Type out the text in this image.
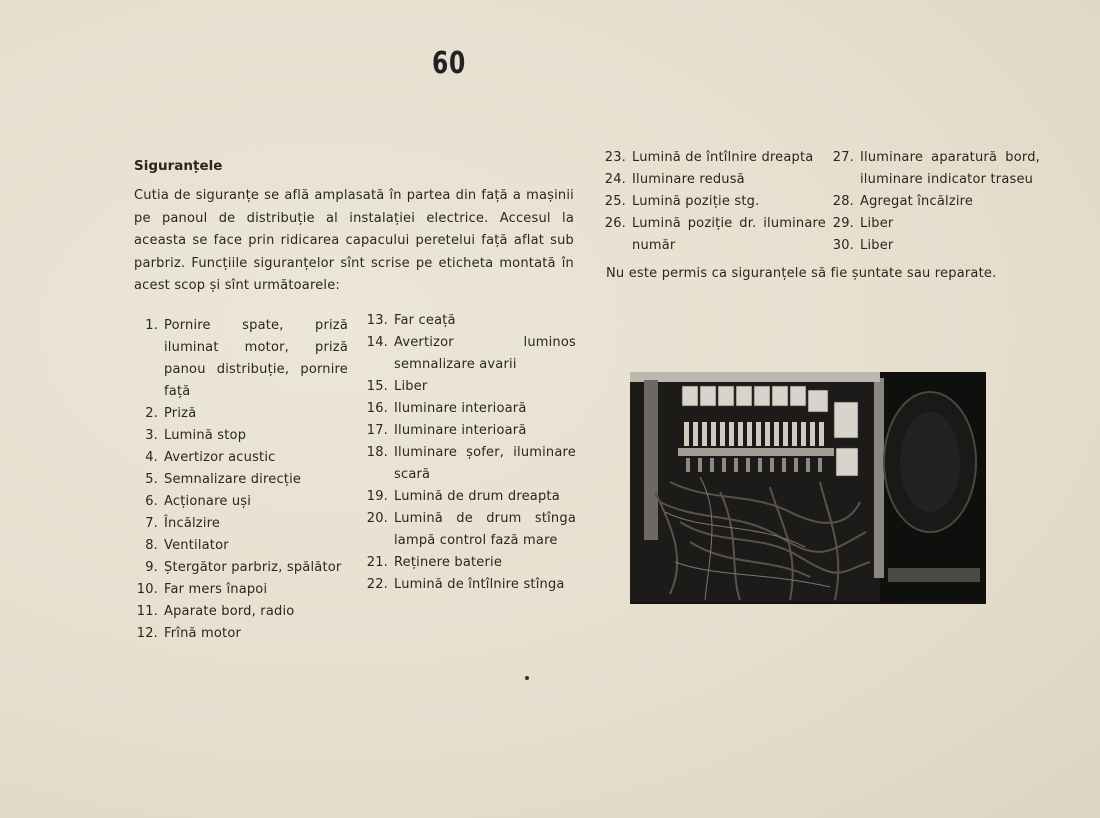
60
Siguranțele
Cutia de siguranțe se află amplasată în partea din față a mașinii pe panoul de distribuție al instalației electrice. Accesul la aceasta se face prin ridicarea capacului peretelui față aflat sub parbriz. Funcțiile siguranțelor sînt scrise pe eticheta montată în acest scop și sînt următoarele:
1. Pornire spate, priză iluminat motor, priză panou distribuție, pornire față
2. Priză
3. Lumină stop
4. Avertizor acustic
5. Semnalizare direcție
6. Acționare uși
7. Încălzire
8. Ventilator
9. Ștergător parbriz, spălător
10. Far mers înapoi
11. Aparate bord, radio
12. Frînă motor
13. Far ceață
14. Avertizor luminos semnalizare avarii
15. Liber
16. Iluminare interioară
17. Iluminare interioară
18. Iluminare șofer, iluminare scară
19. Lumină de drum dreapta
20. Lumină de drum stînga lampă control fază mare
21. Reținere baterie
22. Lumină de întîlnire stînga
23. Lumină de întîlnire dreapta
24. Iluminare redusă
25. Lumină poziție stg.
26. Lumină poziție dr. iluminare număr
27. Iluminare aparatură bord, iluminare indicator traseu
28. Agregat încălzire
29. Liber
30. Liber
Nu este permis ca siguranțele să fie șuntate sau reparate.
